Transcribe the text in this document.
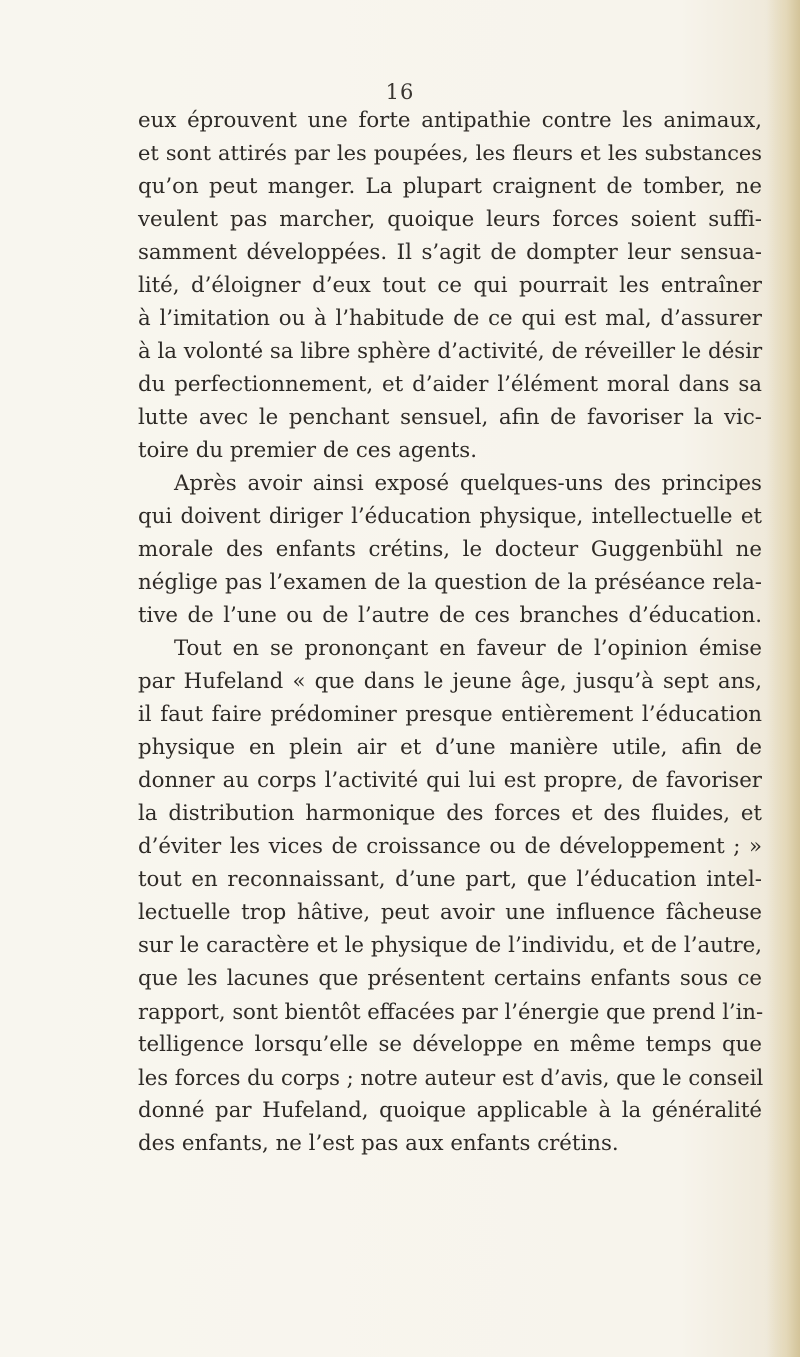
16
eux éprouvent une forte antipathie contre les animaux,
et sont attirés par les poupées, les fleurs et les substances
qu’on peut manger. La plupart craignent de tomber, ne
veulent pas marcher, quoique leurs forces soient suffi-
samment développées. Il s’agit de dompter leur sensua-
lité, d’éloigner d’eux tout ce qui pourrait les entraîner
à l’imitation ou à l’habitude de ce qui est mal, d’assurer
à la volonté sa libre sphère d’activité, de réveiller le désir
du perfectionnement, et d’aider l’élément moral dans sa
lutte avec le penchant sensuel, afin de favoriser la vic-
toire du premier de ces agents.
Après avoir ainsi exposé quelques-uns des principes
qui doivent diriger l’éducation physique, intellectuelle et
morale des enfants crétins, le docteur Guggenbühl ne
néglige pas l’examen de la question de la préséance rela-
tive de l’une ou de l’autre de ces branches d’éducation.
Tout en se prononçant en faveur de l’opinion émise
par Hufeland « que dans le jeune âge, jusqu’à sept ans,
il faut faire prédominer presque entièrement l’éducation
physique en plein air et d’une manière utile, afin de
donner au corps l’activité qui lui est propre, de favoriser
la distribution harmonique des forces et des fluides, et
d’éviter les vices de croissance ou de développement ; »
tout en reconnaissant, d’une part, que l’éducation intel-
lectuelle trop hâtive, peut avoir une influence fâcheuse
sur le caractère et le physique de l’individu, et de l’autre,
que les lacunes que présentent certains enfants sous ce
rapport, sont bientôt effacées par l’énergie que prend l’in-
telligence lorsqu’elle se développe en même temps que
les forces du corps ; notre auteur est d’avis, que le conseil
donné par Hufeland, quoique applicable à la généralité
des enfants, ne l’est pas aux enfants crétins.
